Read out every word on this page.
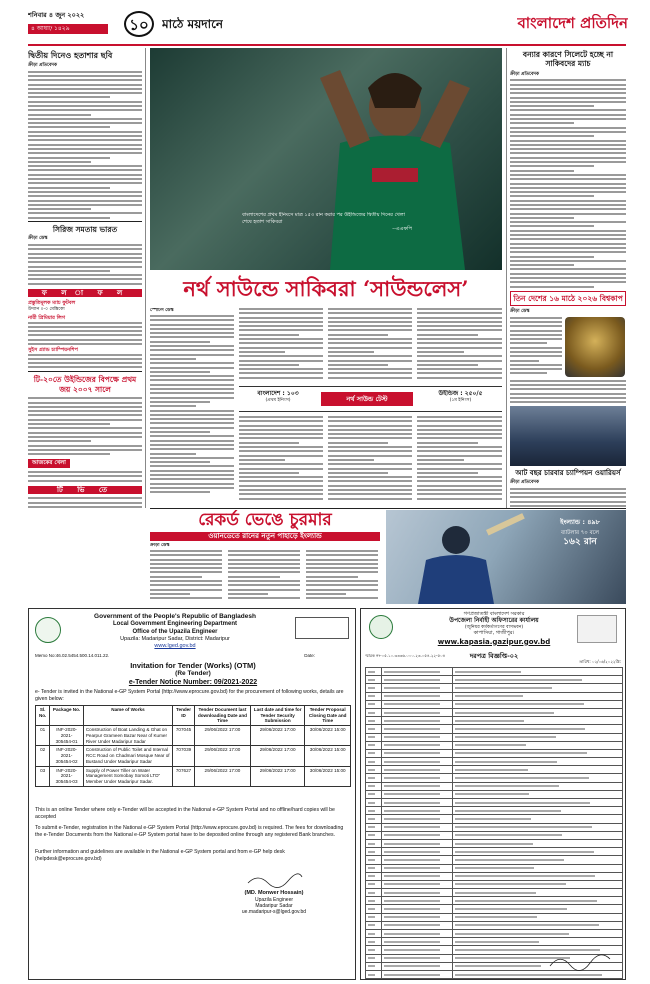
শনিবার ৪ জুন ২০২২
৪ আষাঢ় ১৪২৯	১০	মাঠে ময়দানে	বাংলাদেশ প্রতিদিন
দ্বিতীয় দিনেও হতাশার ছবি
ক্রীড়া প্রতিবেদক
সিরিজ সমতায় ভারত
ক্রীড়া ডেস্ক
ফ ল া ফ ল
প্রস্তুতিমূলক ম্যাচ ফুটবল
উদ্যান ০-০ মেক্সিকো
নারী প্রিমিয়ার লিগ
সুইস গ্র্যান্ড চ্যাম্পিয়নশিপ
টি-২০তে উইন্ডিজের বিপক্ষে প্রথম জয় ২০০৭ সালে
আজকের খেলা
টি ভি তে
বাংলাদেশের প্রথম ইনিংসে মাত্র ১৫৩ রান করার পর উইন্ডিজের দ্বিতীয় দিনের খেলা শেষে হতাশ সাকিবরা
--এএফপি
নর্থ সাউন্ডে সাকিবরা ‘সাউন্ডলেস’
স্পোর্টস ডেস্ক
বাংলাদেশ : ১০৩
(প্রথম ইনিংস)	নর্থ সাউন্ড টেস্ট
উইন্ডিজ : ২৫০/৫
(১ম ইনিংস)
বন্যার কারণে সিলেটে হচ্ছে না সাকিবদের ম্যাচ
ক্রীড়া প্রতিবেদক
তিন দেশের ১৬ মাঠে ২০২৬ বিশ্বকাপ
ক্রীড়া ডেস্ক
আট বছর চারবার চ্যাম্পিয়ন ওয়ারিয়র্স
ক্রীড়া প্রতিবেদক
রেকর্ড ভেঙে চুরমার
ওয়ানডেতে রানের নতুন পাহাড়ে ইংল্যান্ড
ক্রীড়া ডেস্ক
ইংল্যান্ড : ৪৯৮
ব্যাটলার ৭০ বলে
১৬২ রান
গণপ্রজাতন্ত্রী বাংলাদেশ সরকার
উপজেলা নির্বাহী অফিসারের কার্যালয়
(জুনিয়র কর্মকর্তাগণের বাসভবন)
কাপাসিয়া, গাজীপুর।
www.kapasia.gazipur.gov.bd
স্মারক নং-০৫.১০.৩৩৩৬.০০০.২৩.০৫৪.২২-৫০৪	দরপত্র বিজ্ঞপ্তি-০২
তারিখ: ০২/০৬/২০২২খ্রি:

Government of the People's Republic of Bangladesh
Local Government Engineering Department
Office of the Upazila Engineer
Upazila: Madaripur Sadar, District: Madaripur
www.lged.gov.bd
Memo No:46.02.5454.500.14.011.22.	Date:
Invitation for Tender (Works) (OTM)
(Re Tender)
e-Tender Notice Number: 09/2021-2022
e- Tender is invited in the National e-GP System Portal (http://www.eprocure.gov.bd) for the procurement of following works, details are given below:
Sl. No.	Package No.	Name of Works	Tender ID	Tender Document last downloading Date and Time	Last date and time for Tender Security Submission	Tender Proposal Closing Date and Time
01	INF-2020-2021-305454-01	Construction of Boat Landing & Ghat on Pearpur Grameen Bazar Near of Kumer River Under Madaripur Sadar	707045	29/06/2022 17:00	29/06/2022 17:00	30/06/2022 15:00
02	INF-2020-2021-305454-02	Construction of Public Toilet and Internal RCC Road on Chadmari Mosque Near of Bustand Under Madaripur Sadar	707039	29/06/2022 17:00	29/06/2022 17:00	30/06/2022 15:00
03	INF-2020-2021-305454-03	Supply of Power Tiller on Water Management Somobay Somoti LTD" Member Under Madaripur Sadar.	707627	29/06/2022 17:00	29/06/2022 17:00	30/06/2022 15:00
This is an online Tender where only e-Tender will be accepted in the National e-GP System Portal and no offline/hard copies will be accepted
To submit e-Tender, registration in the National e-GP System Portal (http://www.eprocure.gov.bd) is required. The fees for downloading the e-Tender Documents from the National e-GP System portal have to be deposited online through any registered Bank branches.
Further information and guidelines are available in the National e-GP System portal and from e-GP help desk (helpdesk@eprocure.gov.bd)
(MD. Monwer Hossain)
Upazila Engineer
Madaripur Sadar
ue.madaripur-s@lged.gov.bd
